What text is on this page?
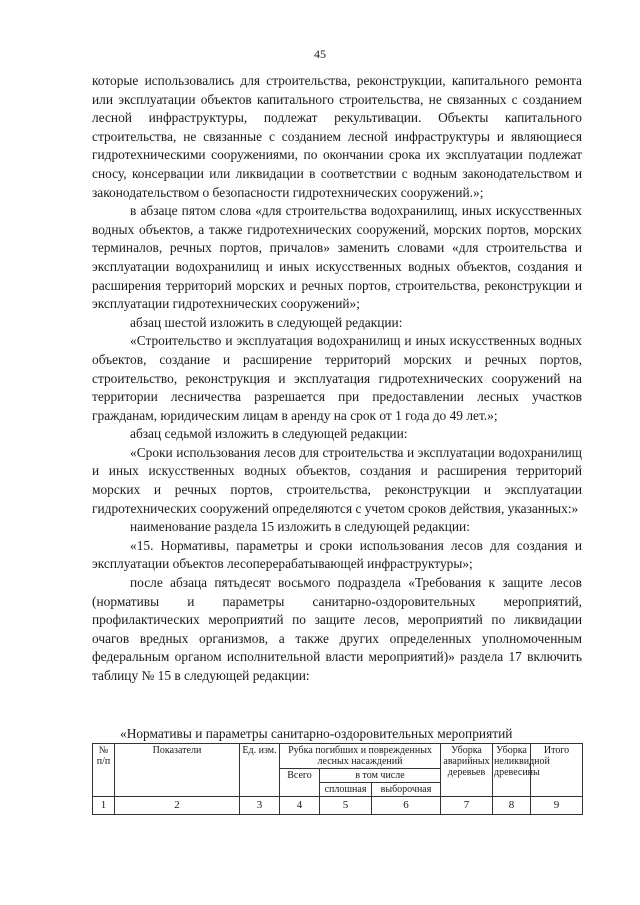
45

которые использовались для строительства, реконструкции, капитального ремонта или эксплуатации объектов капитального строительства, не связанных с созданием лесной инфраструктуры, подлежат рекультивации. Объекты капитального строительства, не связанные с созданием лесной инфраструктуры и являющиеся гидротехническими сооружениями, по окончании срока их эксплуатации подлежат сносу, консервации или ликвидации в соответствии с водным законодательством и законодательством о безопасности гидротехнических сооружений.»;

в абзаце пятом слова «для строительства водохранилищ, иных искусственных водных объектов, а также гидротехнических сооружений, морских портов, морских терминалов, речных портов, причалов» заменить словами «для строительства и эксплуатации водохранилищ и иных искусственных водных объектов, создания и расширения территорий морских и речных портов, строительства, реконструкции и эксплуатации гидротехнических сооружений»;

абзац шестой изложить в следующей редакции:

«Строительство и эксплуатация водохранилищ и иных искусственных водных объектов, создание и расширение территорий морских и речных портов, строительство, реконструкция и эксплуатация гидротехнических сооружений на территории лесничества разрешается при предоставлении лесных участков гражданам, юридическим лицам в аренду на срок от 1 года до 49 лет.»;

абзац седьмой изложить в следующей редакции:

«Сроки использования лесов для строительства и эксплуатации водохранилищ и иных искусственных водных объектов, создания и расширения территорий морских и речных портов, строительства, реконструкции и эксплуатации гидротехнических сооружений определяются с учетом сроков действия, указанных:»

наименование раздела 15 изложить в следующей редакции:

«15. Нормативы, параметры и сроки использования лесов для создания и эксплуатации объектов лесоперерабатывающей инфраструктуры»;

после абзаца пятьдесят восьмого подраздела «Требования к защите лесов (нормативы и параметры санитарно-оздоровительных мероприятий, профилактических мероприятий по защите лесов, мероприятий по ликвидации очагов вредных организмов, а также других определенных уполномоченным федеральным органом исполнительной власти мероприятий)» раздела 17 включить таблицу № 15 в следующей редакции:

«Нормативы и параметры санитарно-оздоровительных мероприятий
№ п/п	Показатели	Ед. изм.	Рубка погибших и поврежденных лесных насаждений			Уборка аварийных деревьев	Уборка неликвидной древесины	Итого
			Всего	в том числе				
				сплошная	выборочная			
1	2	3	4	5	6	7	8	9
